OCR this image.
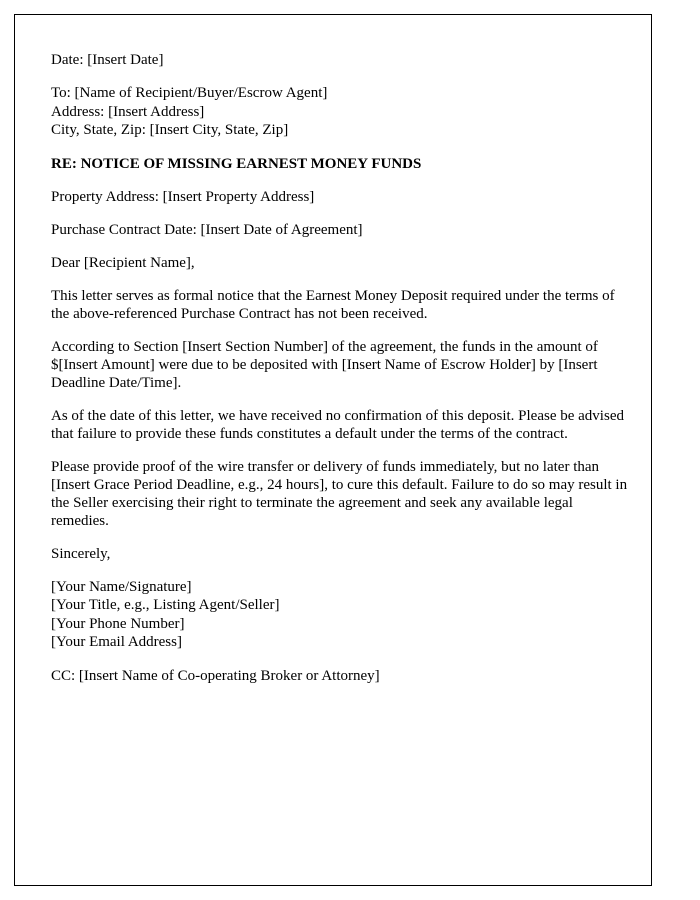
Date: [Insert Date]

To: [Name of Recipient/Buyer/Escrow Agent]
Address: [Insert Address]
City, State, Zip: [Insert City, State, Zip]

RE: NOTICE OF MISSING EARNEST MONEY FUNDS

Property Address: [Insert Property Address]

Purchase Contract Date: [Insert Date of Agreement]

Dear [Recipient Name],

This letter serves as formal notice that the Earnest Money Deposit required under the terms of the above-referenced Purchase Contract has not been received.

According to Section [Insert Section Number] of the agreement, the funds in the amount of $[Insert Amount] were due to be deposited with [Insert Name of Escrow Holder] by [Insert Deadline Date/Time].

As of the date of this letter, we have received no confirmation of this deposit. Please be advised that failure to provide these funds constitutes a default under the terms of the contract.

Please provide proof of the wire transfer or delivery of funds immediately, but no later than [Insert Grace Period Deadline, e.g., 24 hours], to cure this default. Failure to do so may result in the Seller exercising their right to terminate the agreement and seek any available legal remedies.

Sincerely,

[Your Name/Signature]
[Your Title, e.g., Listing Agent/Seller]
[Your Phone Number]
[Your Email Address]

CC: [Insert Name of Co-operating Broker or Attorney]
